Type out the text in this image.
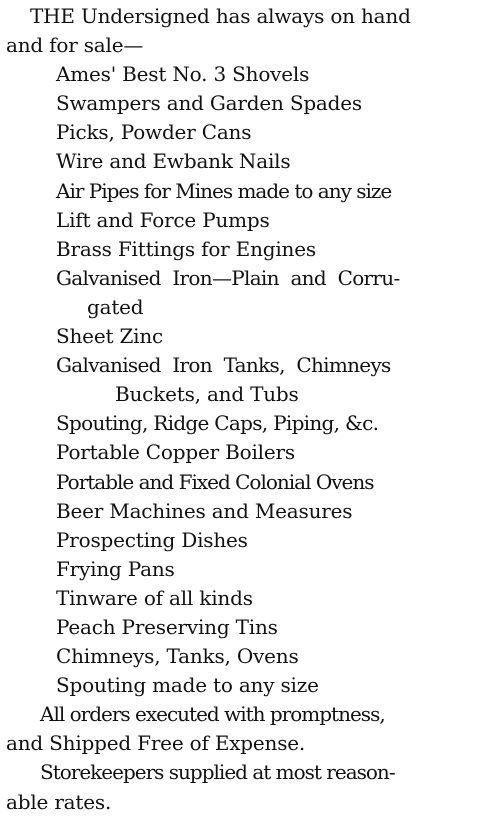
THE Undersigned has always on hand
and for sale—
Ames' Best No. 3 Shovels
Swampers and Garden Spades
Picks, Powder Cans
Wire and Ewbank Nails
Air Pipes for Mines made to any size
Lift and Force Pumps
Brass Fittings for Engines
Galvanised Iron—Plain and Corru-
gated
Sheet Zinc
Galvanised Iron Tanks, Chimneys
Buckets, and Tubs
Spouting, Ridge Caps, Piping, &c.
Portable Copper Boilers
Portable and Fixed Colonial Ovens
Beer Machines and Measures
Prospecting Dishes
Frying Pans
Tinware of all kinds
Peach Preserving Tins
Chimneys, Tanks, Ovens
Spouting made to any size
All orders executed with promptness,
and Shipped Free of Expense.
Storekeepers supplied at most reason-
able rates.
